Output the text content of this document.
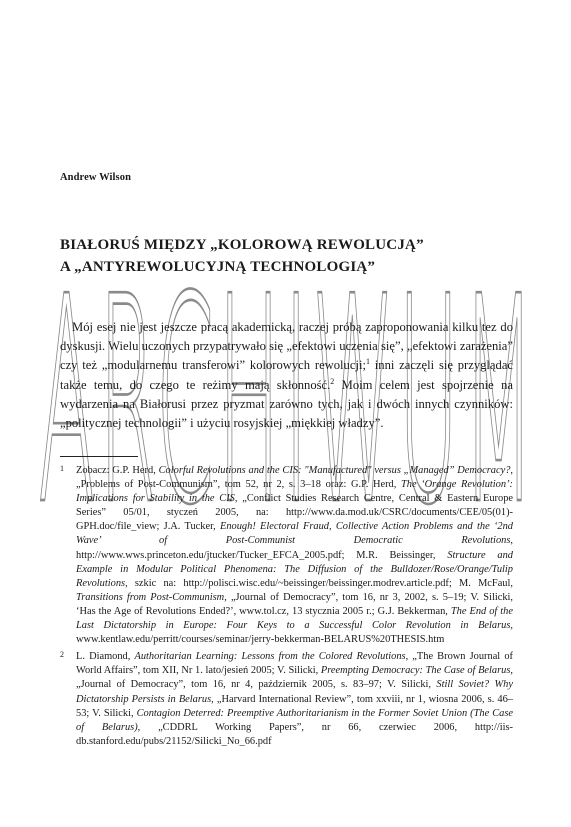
ARCHIWUM
Andrew Wilson
BIAŁORUŚ MIĘDZY „KOLOROWĄ REWOLUCJĄ”
A „ANTYREWOLUCYJNĄ TECHNOLOGIĄ”

Mój esej nie jest jeszcze pracą akademicką, raczej próbą zaproponowania kilku tez do dyskusji. Wielu uczonych przypatrywało się „efektowi uczenia się”, „efektowi zarażenia” czy też „modularnemu transferowi” kolorowych rewolucji;$^1$ inni zaczęli się przyglądać także temu, do czego te reżimy mają skłonność.$^2$ Moim celem jest spojrzenie na wydarzenia na Białorusi przez pryzmat zarówno tych, jak i dwóch innych czynników: „politycznej technologii” i użyciu rosyjskiej „miękkiej władzy”.

1 Zobacz: G.P. Herd, Colorful Revolutions and the CIS: "Manufactured" versus „Managed” Democracy?, „Problems of Post-Communism”, tom 52, nr 2, s. 3–18 oraz: G.P. Herd, The ‘Orange Revolution’: Implications for Stability in the CIS, „Conflict Studies Research Centre, Central & Eastern Europe Series” 05/01, styczeń 2005, na: http://www.da.mod.uk/CSRC/documents/CEE/05(01)-GPH.doc/file_view; J.A. Tucker, Enough! Electoral Fraud, Collective Action Problems and the ‘2nd Wave’ of Post-Communist Democratic Revolutions, http://www.wws.princeton.edu/jtucker/Tucker_EFCA_2005.pdf; M.R. Beissinger, Structure and Example in Modular Political Phenomena: The Diffusion of the Bulldozer/Rose/Orange/Tulip Revolutions, szkic na: http://polisci.wisc.edu/~beissinger/beissinger.modrev.article.pdf; M. McFaul, Transitions from Post-Communism, „Journal of Democracy”, tom 16, nr 3, 2002, s. 5–19; V. Silicki, ‘Has the Age of Revolutions Ended?’, www.tol.cz, 13 stycznia 2005 r.; G.J. Bekkerman, The End of the Last Dictatorship in Europe: Four Keys to a Successful Color Revolution in Belarus, www.kentlaw.edu/perritt/courses/seminar/jerry-bekkerman-BELARUS%20THESIS.htm

2 L. Diamond, Authoritarian Learning: Lessons from the Colored Revolutions, „The Brown Journal of World Affairs”, tom XII, Nr 1. lato/jesień 2005; V. Silicki, Preempting Democracy: The Case of Belarus, „Journal of Democracy”, tom 16, nr 4, październik 2005, s. 83–97; V. Silicki, Still Soviet? Why Dictatorship Persists in Belarus, „Harvard International Review”, tom xxviii, nr 1, wiosna 2006, s. 46–53; V. Silicki, Contagion Deterred: Preemptive Authoritarianism in the Former Soviet Union (The Case of Belarus), „CDDRL Working Papers”, nr 66, czerwiec 2006, http://iis-db.stanford.edu/pubs/21152/Silicki_No_66.pdf
